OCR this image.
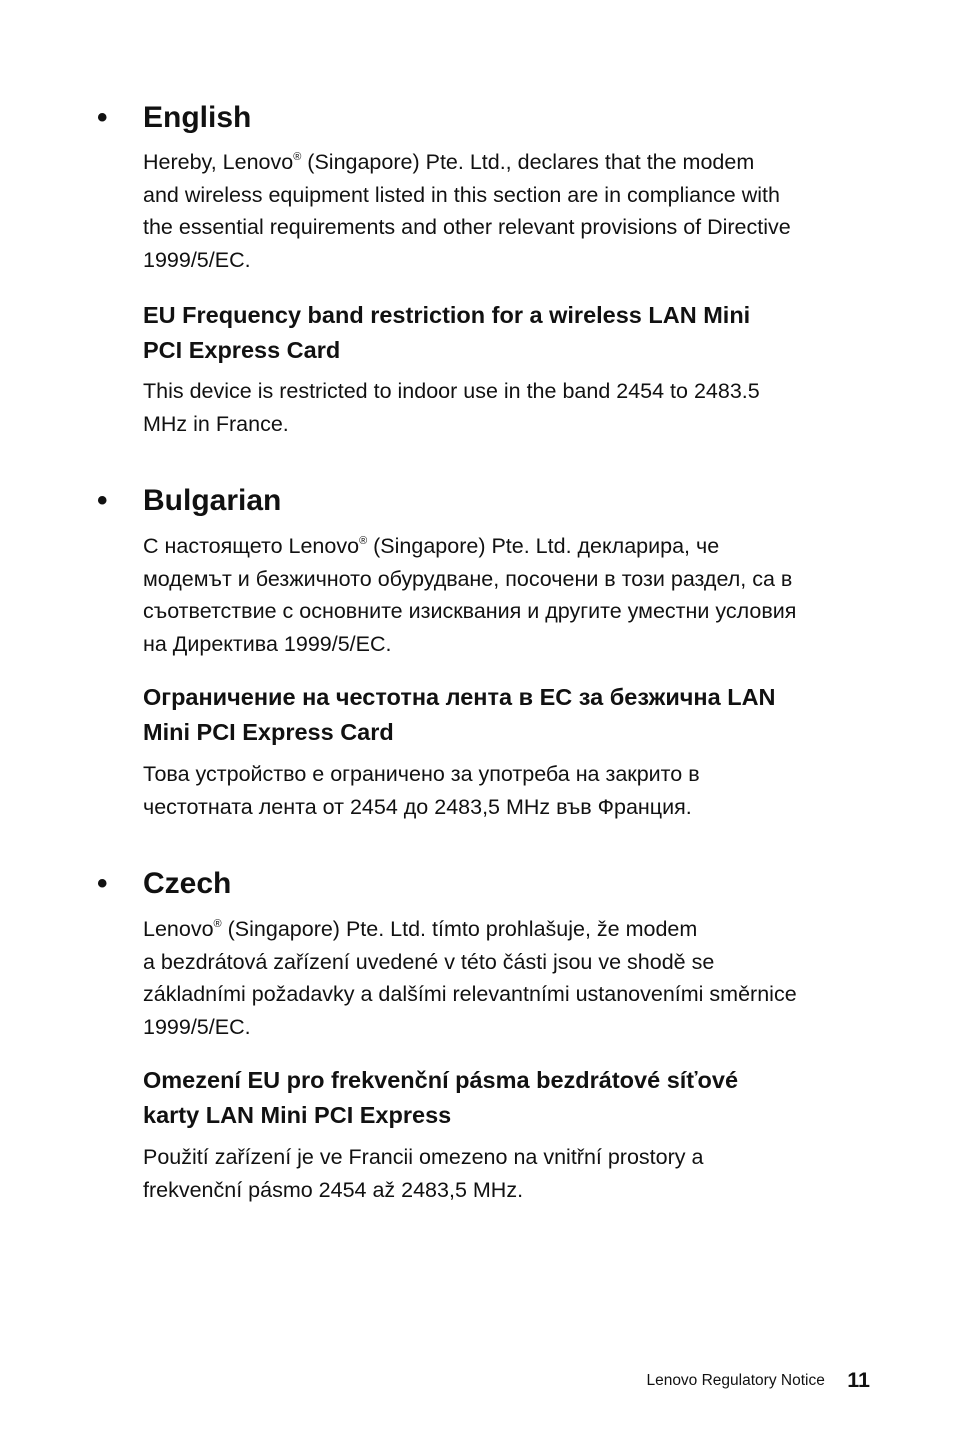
• English

Hereby, Lenovo® (Singapore) Pte. Ltd., declares that the modem
and wireless equipment listed in this section are in compliance with
the essential requirements and other relevant provisions of Directive
1999/5/EC.

EU Frequency band restriction for a wireless LAN Mini
PCI Express Card

This device is restricted to indoor use in the band 2454 to 2483.5
MHz in France.

• Bulgarian

С настоящето Lenovo® (Singapore) Pte. Ltd. декларира, че
модемът и безжичното обурудване, посочени в този раздел, са в
съответствие с основните изисквания и другите уместни условия
на Директива 1999/5/EC.

Ограничение на честотна лента в ЕС за безжична LAN
Mini PCI Express Card

Това устройство е ограничено за употреба на закрито в
честотната лента от 2454 до 2483,5 MHz във Франция.

• Czech

Lenovo® (Singapore) Pte. Ltd. tímto prohlašuje, že modem
a bezdrátová zařízení uvedené v této části jsou ve shodě se
základními požadavky a dalšími relevantními ustanoveními směrnice
1999/5/EC.

Omezení EU pro frekvenční pásma bezdrátové síťové
karty LAN Mini PCI Express

Použití zařízení je ve Francii omezeno na vnitřní prostory a
frekvenční pásmo 2454 až 2483,5 MHz.

Lenovo Regulatory Notice 11
